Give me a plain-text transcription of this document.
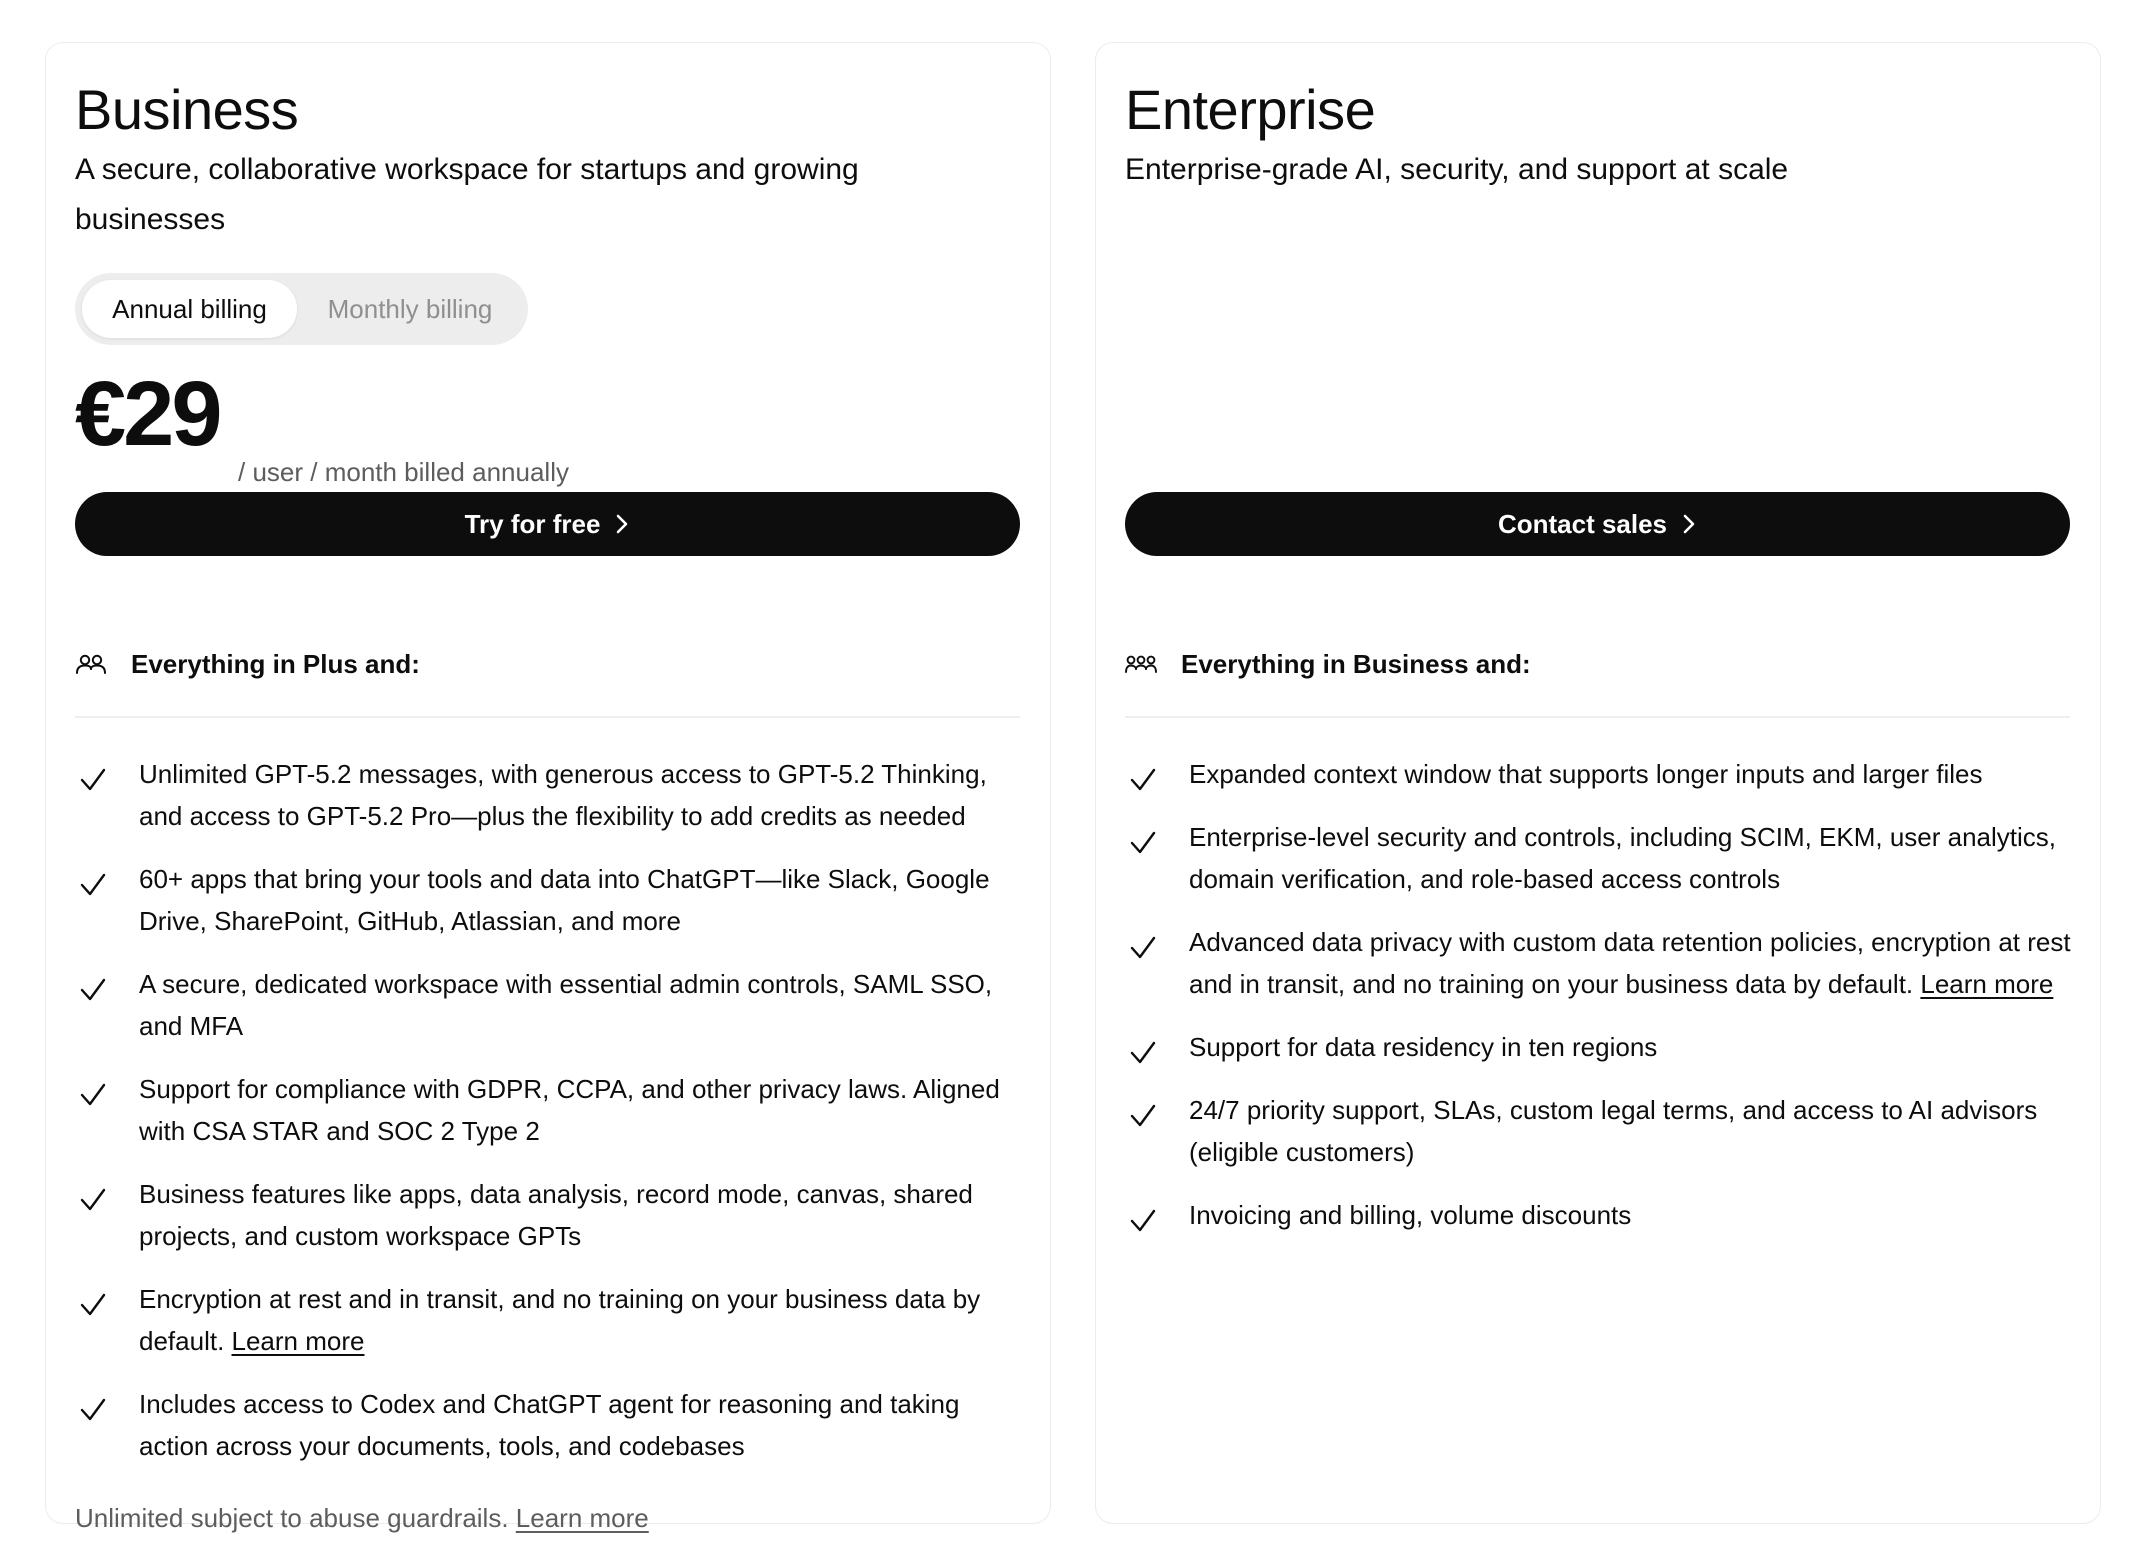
Business

A secure, collaborative workspace for startups and growing businesses

Annual billing	Monthly billing
€29
/ user / month billed annually
Try for free
Everything in Plus and:
Unlimited GPT-5.2 messages, with generous access to GPT-5.2 Thinking, and access to GPT-5.2 Pro—plus the flexibility to add credits as needed
60+ apps that bring your tools and data into ChatGPT—like Slack, Google Drive, SharePoint, GitHub, Atlassian, and more
A secure, dedicated workspace with essential admin controls, SAML SSO, and MFA
Support for compliance with GDPR, CCPA, and other privacy laws. Aligned with CSA STAR and SOC 2 Type 2
Business features like apps, data analysis, record mode, canvas, shared projects, and custom workspace GPTs
Encryption at rest and in transit, and no training on your business data by default. Learn more
Includes access to Codex and ChatGPT agent for reasoning and taking action across your documents, tools, and codebases

Unlimited subject to abuse guardrails. Learn more

Enterprise

Enterprise-grade AI, security, and support at scale

Contact sales
Everything in Business and:
Expanded context window that supports longer inputs and larger files
Enterprise-level security and controls, including SCIM, EKM, user analytics, domain verification, and role-based access controls
Advanced data privacy with custom data retention policies, encryption at rest and in transit, and no training on your business data by default. Learn more
Support for data residency in ten regions
24/7 priority support, SLAs, custom legal terms, and access to AI advisors (eligible customers)
Invoicing and billing, volume discounts
